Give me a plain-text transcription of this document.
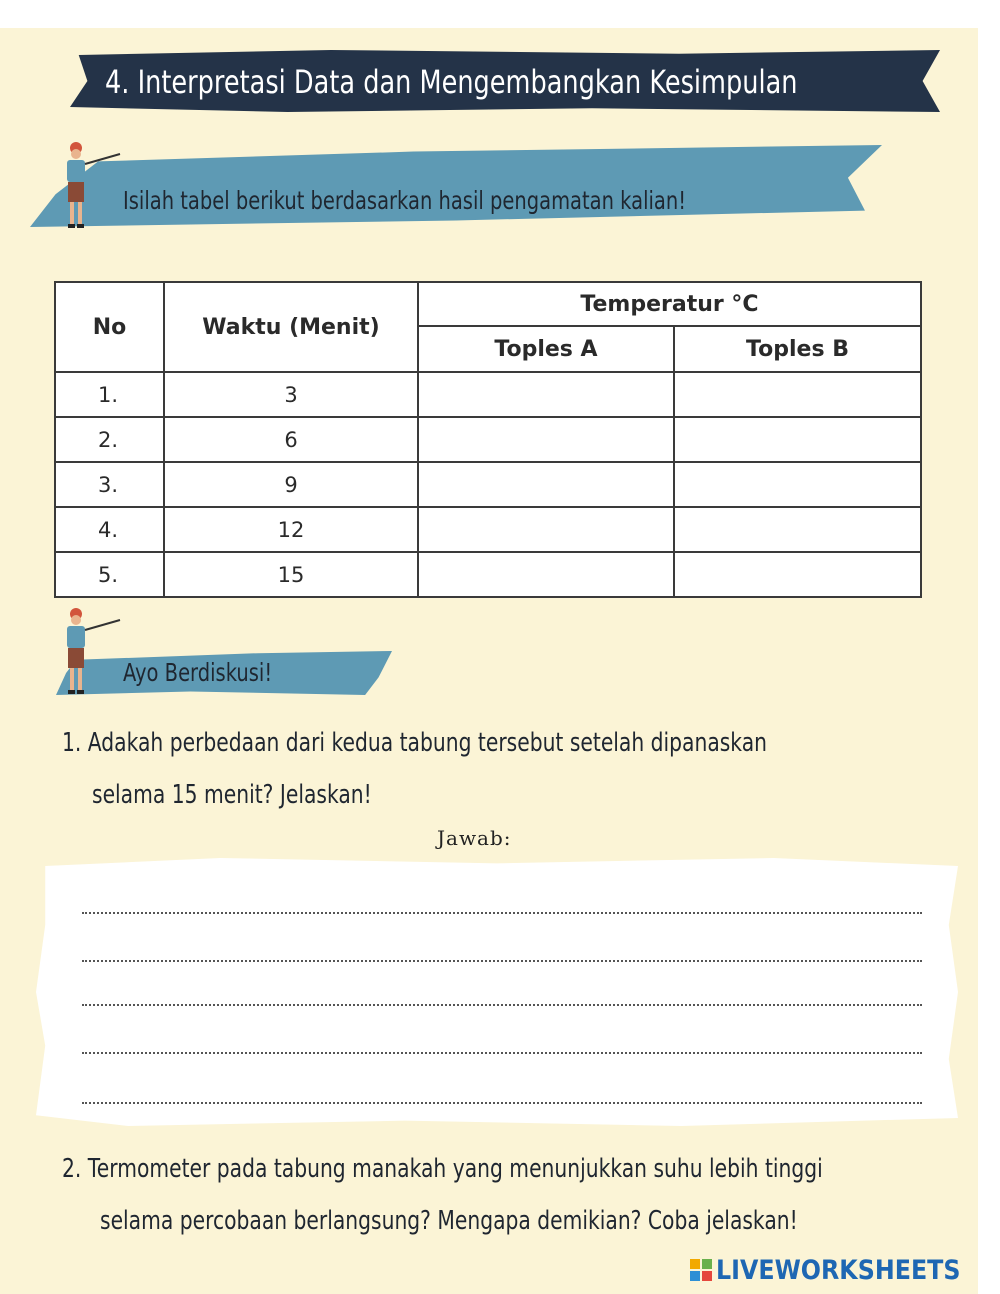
4. Interpretasi Data dan Mengembangkan Kesimpulan
Isilah tabel berikut berdasarkan hasil pengamatan kalian!
No	Waktu (Menit)	Temperatur °C	
		Toples A	Toples B
1.	3		
2.	6		
3.	9		
4.	12		
5.	15		
Ayo Berdiskusi!
1. Adakah perbedaan dari kedua tabung tersebut setelah dipanaskan
selama 15 menit? Jelaskan!
Jawab:
2. Termometer pada tabung manakah yang menunjukkan suhu lebih tinggi
selama percobaan berlangsung? Mengapa demikian? Coba jelaskan!
LIVEWORKSHEETS
